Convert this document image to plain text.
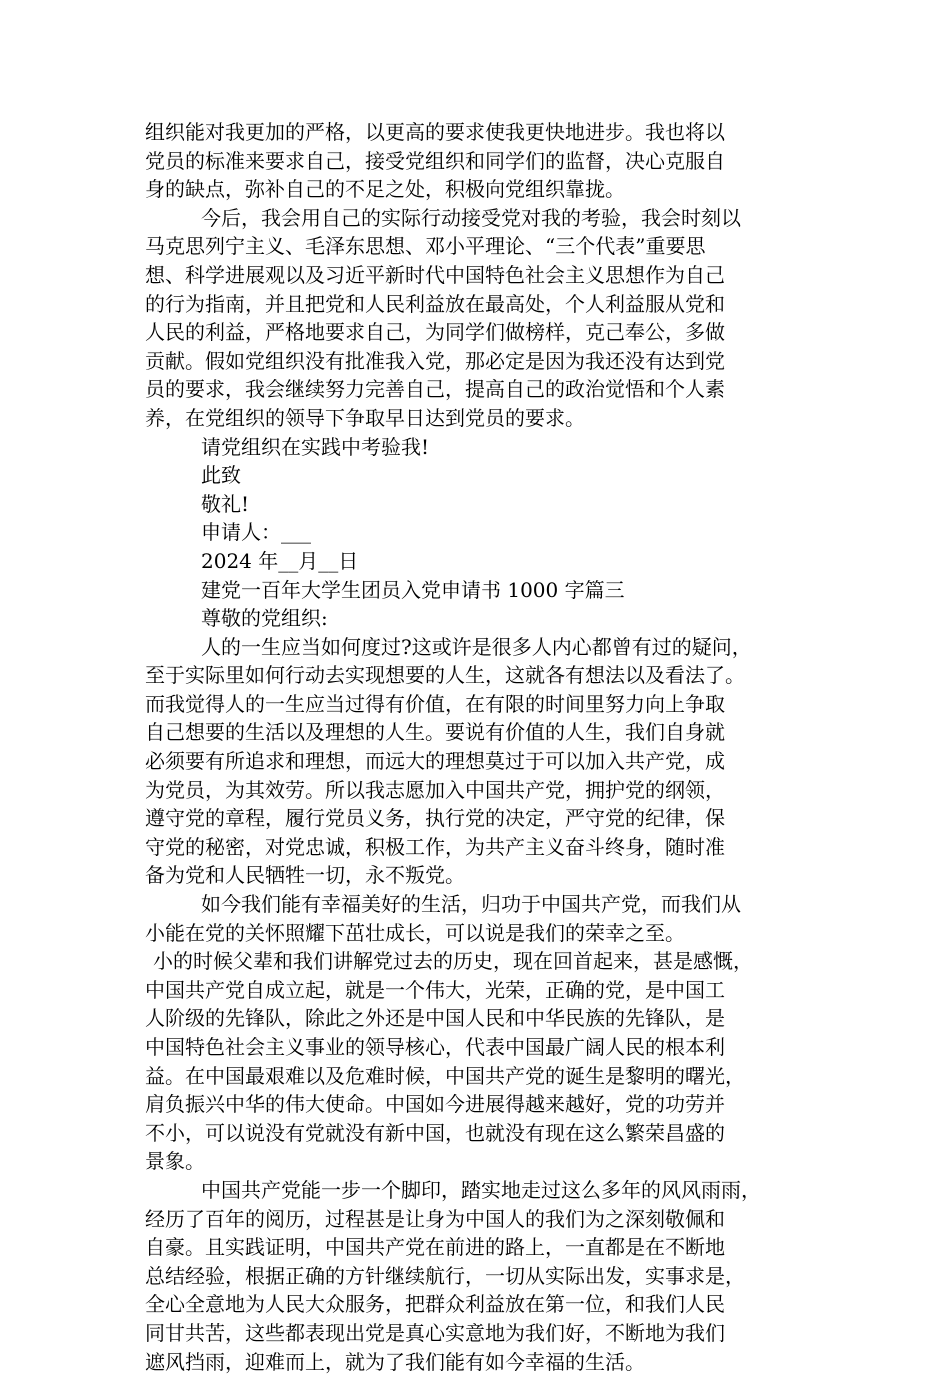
组织能对我更加的严格，以更高的要求使我更快地进步。我也将以
党员的标准来要求自己，接受党组织和同学们的监督，决心克服自
身的缺点，弥补自己的不足之处，积极向党组织靠拢。
今后，我会用自己的实际行动接受党对我的考验，我会时刻以
马克思列宁主义、毛泽东思想、邓小平理论、“三个代表”重要思
想、科学进展观以及习近平新时代中国特色社会主义思想作为自己
的行为指南，并且把党和人民利益放在最高处，个人利益服从党和
人民的利益，严格地要求自己，为同学们做榜样，克己奉公，多做
贡献。假如党组织没有批准我入党，那必定是因为我还没有达到党
员的要求，我会继续努力完善自己，提高自己的政治觉悟和个人素
养，在党组织的领导下争取早日达到党员的要求。
请党组织在实践中考验我!
此致
敬礼!
申请人：___
2024 年__月__日
建党一百年大学生团员入党申请书 1000 字篇三
尊敬的党组织:
人的一生应当如何度过?这或许是很多人内心都曾有过的疑问，
至于实际里如何行动去实现想要的人生，这就各有想法以及看法了。
而我觉得人的一生应当过得有价值，在有限的时间里努力向上争取
自己想要的生活以及理想的人生。要说有价值的人生，我们自身就
必须要有所追求和理想，而远大的理想莫过于可以加入共产党，成
为党员，为其效劳。所以我志愿加入中国共产党，拥护党的纲领，
遵守党的章程，履行党员义务，执行党的决定，严守党的纪律，保
守党的秘密，对党忠诚，积极工作，为共产主义奋斗终身，随时准
备为党和人民牺牲一切，永不叛党。
如今我们能有幸福美好的生活，归功于中国共产党，而我们从
小能在党的关怀照耀下茁壮成长，可以说是我们的荣幸之至。
小的时候父辈和我们讲解党过去的历史，现在回首起来，甚是感慨，
中国共产党自成立起，就是一个伟大，光荣，正确的党，是中国工
人阶级的先锋队，除此之外还是中国人民和中华民族的先锋队，是
中国特色社会主义事业的领导核心，代表中国最广阔人民的根本利
益。在中国最艰难以及危难时候，中国共产党的诞生是黎明的曙光，
肩负振兴中华的伟大使命。中国如今进展得越来越好，党的功劳并
不小，可以说没有党就没有新中国，也就没有现在这么繁荣昌盛的
景象。
中国共产党能一步一个脚印，踏实地走过这么多年的风风雨雨，
经历了百年的阅历，过程甚是让身为中国人的我们为之深刻敬佩和
自豪。且实践证明，中国共产党在前进的路上，一直都是在不断地
总结经验，根据正确的方针继续航行，一切从实际出发，实事求是，
全心全意地为人民大众服务，把群众利益放在第一位，和我们人民
同甘共苦，这些都表现出党是真心实意地为我们好，不断地为我们
遮风挡雨，迎难而上，就为了我们能有如今幸福的生活。
